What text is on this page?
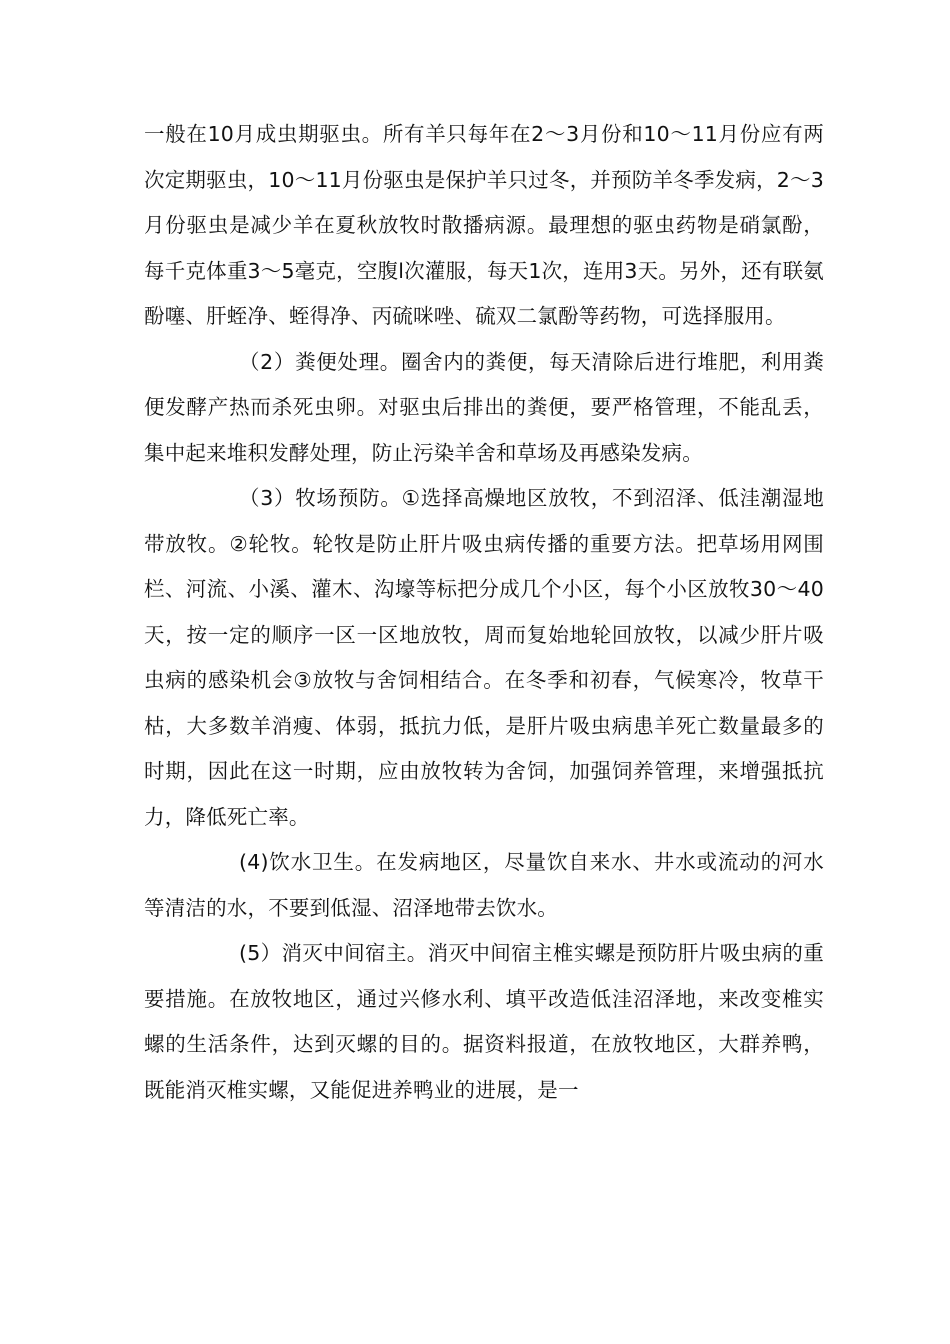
一般在10月成虫期驱虫。所有羊只每年在2～3月份和10～11月份应有两次定期驱虫，10～11月份驱虫是保护羊只过冬，并预防羊冬季发病，2～3月份驱虫是减少羊在夏秋放牧时散播病源。最理想的驱虫药物是硝氯酚，每千克体重3～5毫克，空腹l次灌服，每天1次，连用3天。另外，还有联氨酚噻、肝蛭净、蛭得净、丙硫咪唑、硫双二氯酚等药物，可选择服用。

（2）粪便处理。圈舍内的粪便，每天清除后进行堆肥，利用粪便发酵产热而杀死虫卵。对驱虫后排出的粪便，要严格管理，不能乱丢，集中起来堆积发酵处理，防止污染羊舍和草场及再感染发病。

（3）牧场预防。①选择高燥地区放牧，不到沼泽、低洼潮湿地带放牧。②轮牧。轮牧是防止肝片吸虫病传播的重要方法。把草场用网围栏、河流、小溪、灌木、沟壕等标把分成几个小区，每个小区放牧30～40天，按一定的顺序一区一区地放牧，周而复始地轮回放牧，以减少肝片吸虫病的感染机会③放牧与舍饲相结合。在冬季和初春，气候寒冷，牧草干枯，大多数羊消瘦、体弱，抵抗力低，是肝片吸虫病患羊死亡数量最多的时期，因此在这一时期，应由放牧转为舍饲，加强饲养管理，来增强抵抗力，降低死亡率。

(4)饮水卫生。在发病地区，尽量饮自来水、井水或流动的河水等清洁的水，不要到低湿、沼泽地带去饮水。

(5）消灭中间宿主。消灭中间宿主椎实螺是预防肝片吸虫病的重要措施。在放牧地区，通过兴修水利、填平改造低洼沼泽地，来改变椎实螺的生活条件，达到灭螺的目的。据资料报道，在放牧地区，大群养鸭，既能消灭椎实螺，又能促进养鸭业的进展，是一
